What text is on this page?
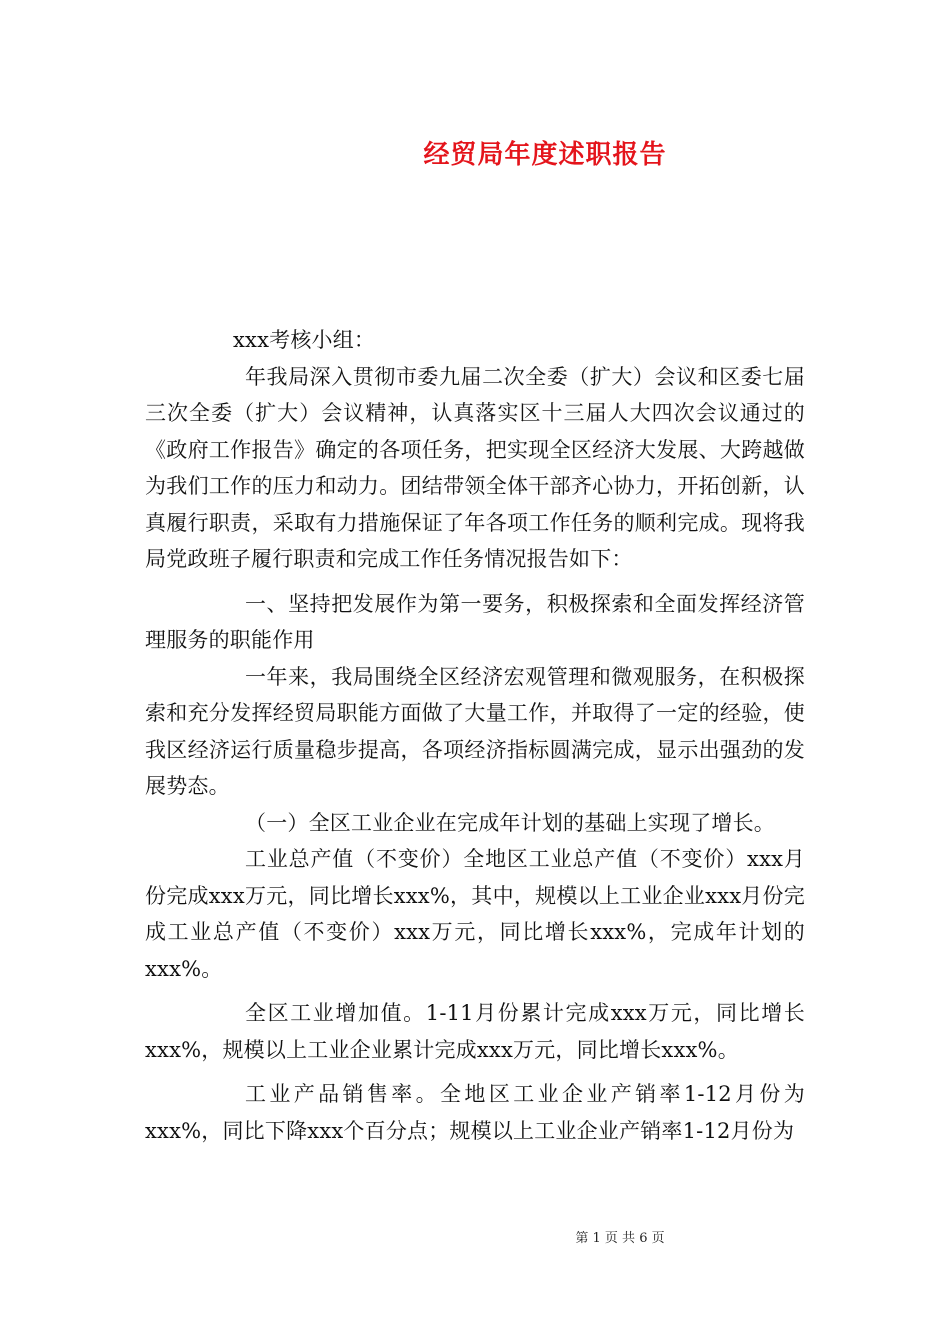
经贸局年度述职报告

xxx考核小组：

年我局深入贯彻市委九届二次全委（扩大）会议和区委七届三次全委（扩大）会议精神，认真落实区十三届人大四次会议通过的《政府工作报告》确定的各项任务，把实现全区经济大发展、大跨越做为我们工作的压力和动力。团结带领全体干部齐心协力，开拓创新，认真履行职责，采取有力措施保证了年各项工作任务的顺利完成。现将我局党政班子履行职责和完成工作任务情况报告如下：

一、坚持把发展作为第一要务，积极探索和全面发挥经济管理服务的职能作用

一年来，我局围绕全区经济宏观管理和微观服务，在积极探索和充分发挥经贸局职能方面做了大量工作，并取得了一定的经验，使我区经济运行质量稳步提高，各项经济指标圆满完成，显示出强劲的发展势态。

（一）全区工业企业在完成年计划的基础上实现了增长。

工业总产值（不变价）全地区工业总产值（不变价）xxx月份完成xxx万元，同比增长xxx%，其中，规模以上工业企业xxx月份完成工业总产值（不变价）xxx万元，同比增长xxx%，完成年计划的xxx%。

全区工业增加值。1-11月份累计完成xxx万元，同比增长xxx%，规模以上工业企业累计完成xxx万元，同比增长xxx%。

工业产品销售率。全地区工业企业产销率1-12月份为xxx%，同比下降xxx个百分点；规模以上工业企业产销率1-12月份为

第 1 页 共 6 页
